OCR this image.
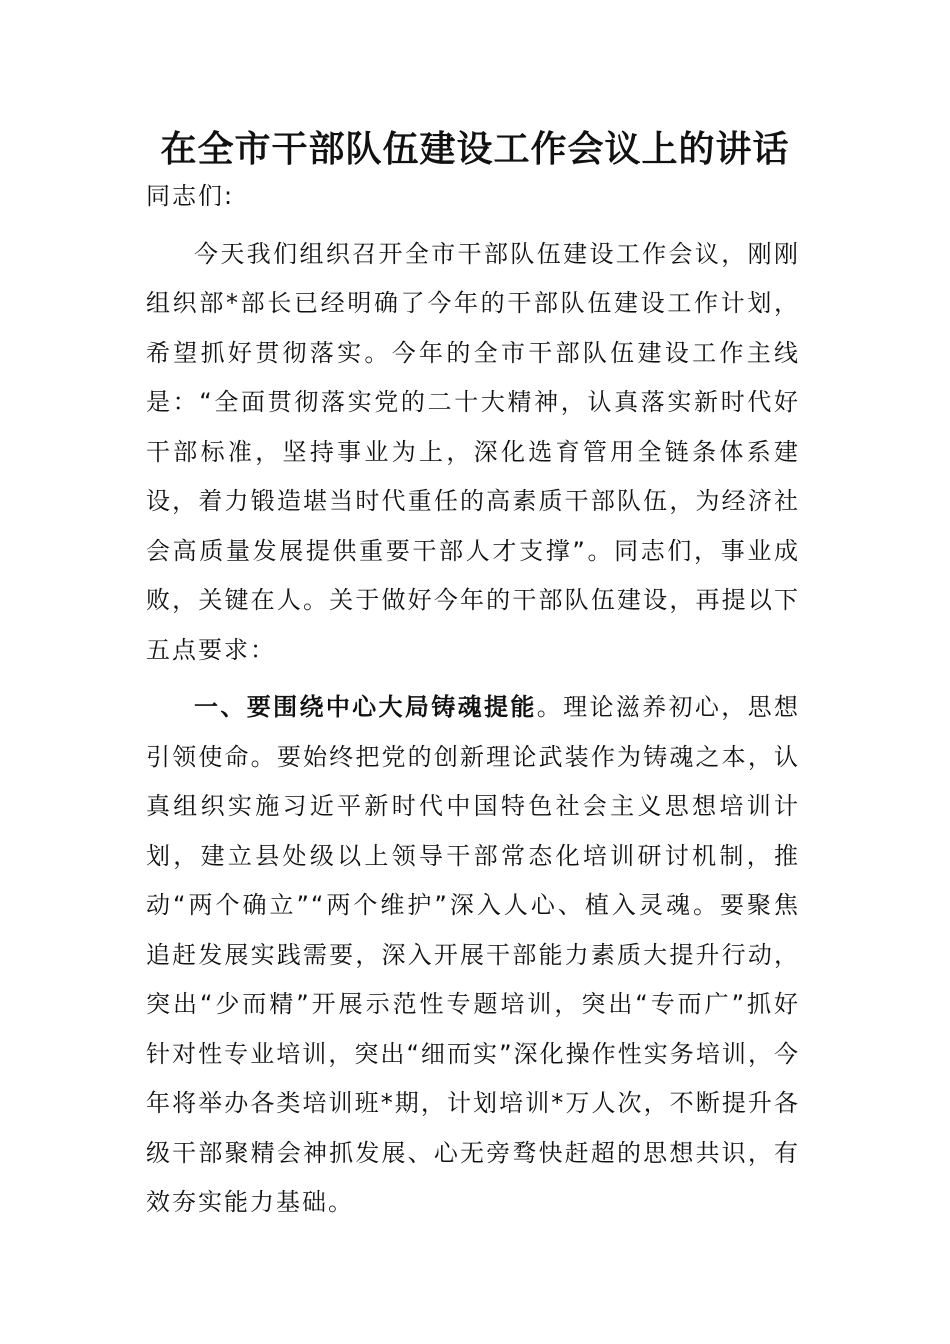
在全市干部队伍建设工作会议上的讲话

同志们:

今天我们组织召开全市干部队伍建设工作会议，刚刚组织部*部长已经明确了今年的干部队伍建设工作计划，希望抓好贯彻落实。今年的全市干部队伍建设工作主线是：“全面贯彻落实党的二十大精神，认真落实新时代好干部标准，坚持事业为上，深化选育管用全链条体系建设，着力锻造堪当时代重任的高素质干部队伍，为经济社会高质量发展提供重要干部人才支撑”。同志们，事业成败，关键在人。关于做好今年的干部队伍建设，再提以下五点要求：

一、要围绕中心大局铸魂提能。理论滋养初心，思想引领使命。要始终把党的创新理论武装作为铸魂之本，认真组织实施习近平新时代中国特色社会主义思想培训计划，建立县处级以上领导干部常态化培训研讨机制，推动“两个确立”“两个维护”深入人心、植入灵魂。要聚焦追赶发展实践需要，深入开展干部能力素质大提升行动，突出“少而精”开展示范性专题培训，突出“专而广”抓好针对性专业培训，突出“细而实”深化操作性实务培训，今年将举办各类培训班*期，计划培训*万人次，不断提升各级干部聚精会神抓发展、心无旁骛快赶超的思想共识，有效夯实能力基础。
